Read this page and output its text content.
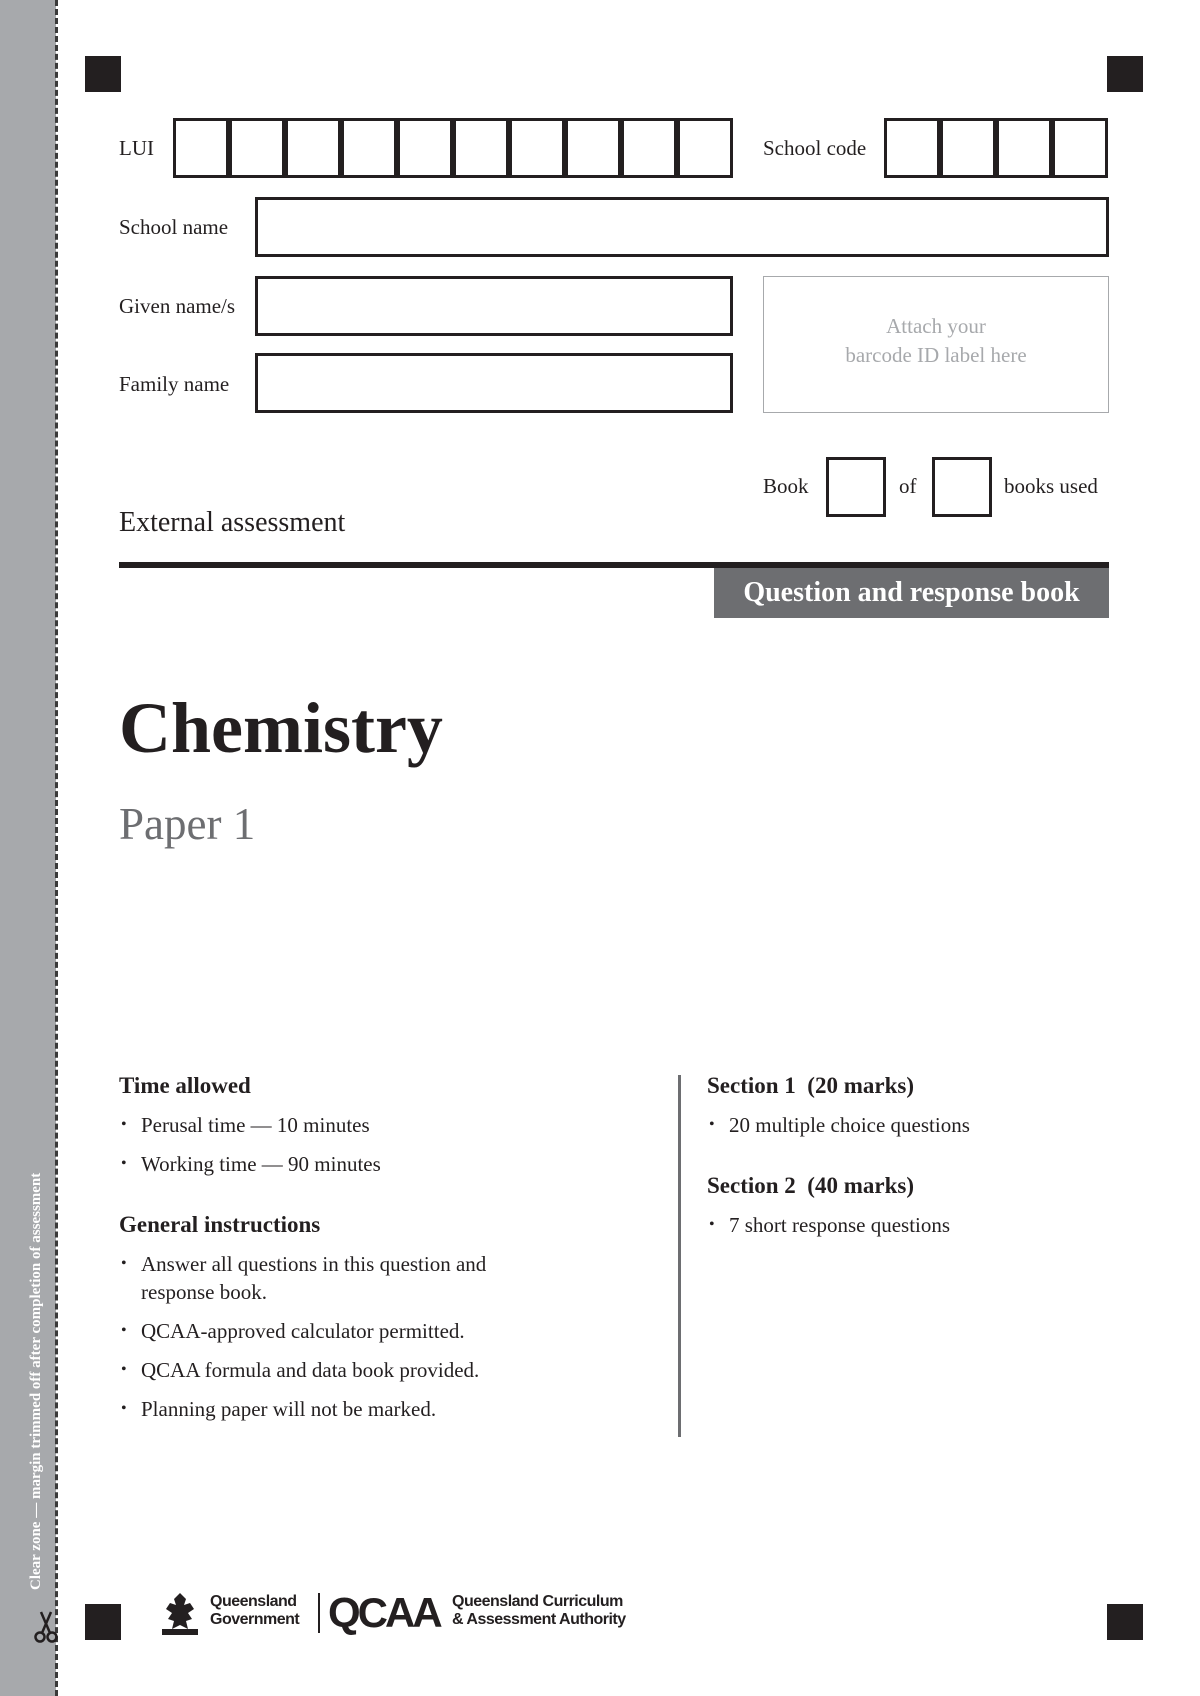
Clear zone — margin trimmed off after completion of assessment
LUI	School code
School name
Given name/s
Family name
Attach your
barcode ID label here
Book	of	books used
External assessment
Question and response book
Chemistry
Paper 1

Time allowed

• Perusal time — 10 minutes
• Working time — 90 minutes

General instructions

• Answer all questions in this question and response book.
• QCAA-approved calculator permitted.
• QCAA formula and data book provided.
• Planning paper will not be marked.

Section 1  (20 marks)

• 20 multiple choice questions

Section 2  (40 marks)

• 7 short response questions
Queensland
Government QCAA Queensland Curriculum
& Assessment Authority
